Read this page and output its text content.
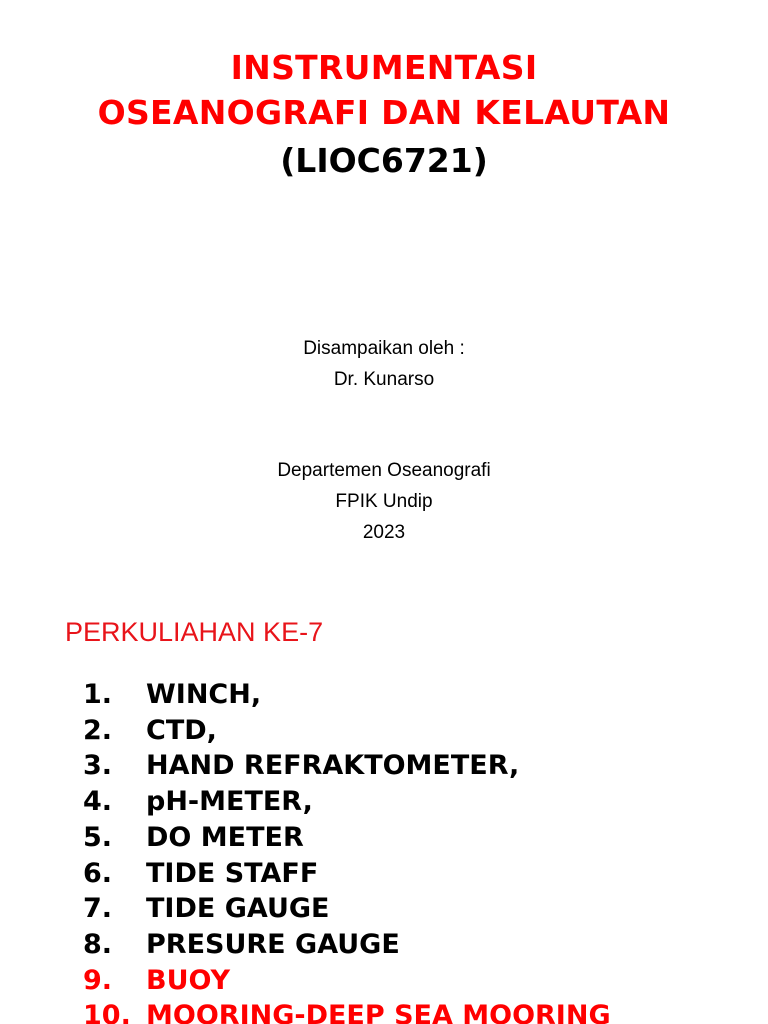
INSTRUMENTASI
OSEANOGRAFI DAN KELAUTAN
(LIOC6721)
Disampaikan oleh :
Dr. Kunarso
Departemen Oseanografi
FPIK Undip
2023
PERKULIAHAN KE-7
1. WINCH,
2. CTD,
3. HAND REFRAKTOMETER,
4. pH-METER,
5. DO METER
6. TIDE STAFF
7. TIDE GAUGE
8. PRESURE GAUGE
9. BUOY
10. MOORING-DEEP SEA MOORING
